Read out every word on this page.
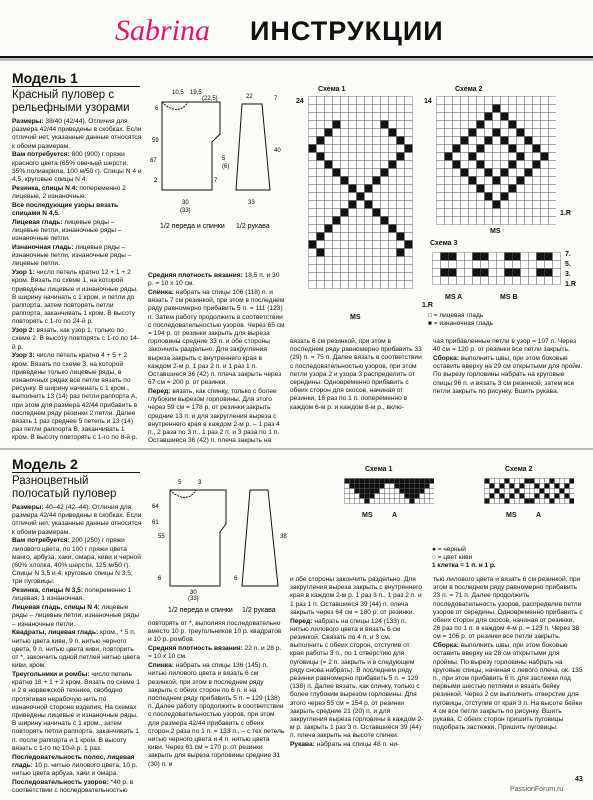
Sabrina ИНСТРУКЦИИ
Модель 1
Красный пуловер с рельефными узорами

Размеры: 38/40 (42/44). Отличия для размера 42/44 приведены в скобках. Если отличий нет, указанные данные относятся к обоим размерам.

Вам потребуется: 800 (900) г пряжи красного цвета (65% овечьей шерсти, 35% полиакрила, 100 м/50 г). Спицы N 4 и 4,5, круговые спицы N 4.

Резинка, спицы N 4: попеременно 2 лицевые, 2 изнаночные.

Все последующие узоры вязать спицами N 4,5.

Лицевая гладь: лицевые ряды – лицевые петли, изнаночные ряды – изнаночные петли.

Изнаночная гладь: лицевые ряды – изнаночные петли, изнаночные ряды – лицевые петли.

Узор 1: число петель кратно 12 + 1 + 2 кром. Вязать по схеме 1, на которой приведены лицевые и изнаночные ряды. В ширину начинать с 1 кром. и петли до раппорта, затем повторять петли раппорта, заканчивать 1 кром. В высоту повторять с 1-го по 24-й р.

Узор 2: вязать, как узор 1, только по схеме 2. В высоту повторять с 1-го по 14-й р.

Узор 3: число петель кратно 4 + 5 + 2 кром. Вязать по схеме 3, на которой приведены только лицевые ряды, в изнаночных рядах все петли вязать по рисунку. В ширину начинать с 1 кром., выполнить 13 (14) раз петли раппорта A, при этом для размера 42/44 прибавить в последнем ряду резинки 2 петли. Далее вязать 1 раз среднее 5 петель и 13 (14) раз петли раппорта B, заканчивать 1 кром. В высоту повторять с 1-го по 8-й р.

Средняя плотность вязания: 18,5 п. и 30 р. = 10 х 10 см.

Спинка: набрать на спицы 106 (118) п. и вязать 7 см резинкой, при этом в последнем ряду равномерно прибавить 5 п. = 111 (123) п. Затем работу продолжить в соответствии с последовательностью узоров. Через 65 см = 194 р. от резинки закрыть для выреза горловины средние 33 п. и обе стороны закончить раздельно. Для закругления выреза закрыть с внутреннего края в каждом 2-м р. 1 раз 2 п. и 1 раз 1 п. Оставшиеся 36 (42) п. плеча закрыть через 67 см = 200 р. от резинки.

Перед: вязать, как спинку, только с более глубоким вырезом горловины. Для этого через 59 см = 178 р. от резинки закрыть средние 13 п. и для закругления выреза с внутреннего края в каждом 2-м р. – 1 раз 4 п., 2 раза по 3 п., 1 раз 2 п. и 3 раза по 1 п. Оставшиеся 36 (42) п. плеча закрыть на

вязать 6 см резинкой, при этом в последнем ряду равномерно прибавить 33 (29) п. = 75 п. Далее вязать в соответствии с последовательностью узоров, при этом петли узора 2 и узора 3 распределить от середины. Одновременно прибавить с обеих сторон для скосов, начиная от резинки, 16 раз по 1 п. попеременно в каждом 6-м р. и каждом 8-м р., вклю-

чая прибавленные петли в узор = 107 п. Через 40 см = 120 р. от резинки все петли закрыть.

Сборка: выполнить швы, при этом боковые оставить вверху на 29 см открытыми для пройм. По вырезу горловины набрать на круговые спицы 96 п. и вязать 3 см резинкой, затем все петли закрыть по рисунку. Вшить рукава.

10,5 19,5
(22,5)
59
67
30
(33)
6
2	7
33
22
40
5
(6)
7
1/2 переда и спинки 1/2 рукава
Схема 1
24
MS
1.R
Схема 2
14
MS
1.R
Схема 3
7.
5.
3.
1.R
MS A	MS B
□ = лицевая гладь
■ = изнаночная гладь
Модель 2
Разноцветный полосатый пуловер

Размеры: 40–42 (42–44). Отличия для размера 42/44 приведены в скобках. Если отличий нет, указанные данные относятся к обоим размерам.

Вам потребуется: 200 (250) г пряжи лилового цвета, по 100 г пряжи цвета манго, арбуза, хаки, омара, киви и черной (60% хлопка, 40% шерсти, 125 м/50 г). Спицы N 3,5 и 4, круговые спицы N 3,5; три пуговицы.

Резинка, спицы N 3,5: попеременно 1 лицевая, 1 изнаночная.

Лицевая гладь, спицы N 4: лицевые ряды – лицевые петли, изнаночные ряды – изнаночные петли.

Квадраты, лицевая гладь: кром., * 5 п. нитью цвета киви, 9 п. нитью черного цвета, 9 п. нитью цвета киви, повторить от *, закончить одной петлей нитью цвета киви, кром.

Треугольники и ромбы: число петель кратно 18 + 1 + 2 кром. Вязать по схеме 1 и 2 в норвежской технике, свободно протягивая нерабочую нить по изнаночной стороне изделия. На схемах приведены лицевые и изнаночные ряды. В ширину начинать с 1 кром., затем повторять петли раппорта, заканчивать 1 п. после раппорта и 1 кром. В высоту вязать с 1-го по 10-й р. 1 раз.

Последовательность полос, лицевая гладь: 10 р. нитью лилового цвета, 10 р. нитью цвета арбуза, хаки и омара.

Последовательность узоров: *40 р. в соответствии с последовательностью

повторять от *, выполняя последовательно вместо 10 р. треугольников 10 р. квадратов и 10 р. ромбов.

Средняя плотность вязания: 22 п. и 28 р. = 10 х 10 см.

Спинка: набрать на спицы 136 (145) п. нитью лилового цвета и вязать 6 см резинкой, при этом в последнем ряду закрыть с обеих сторон по 6 п. и на последнем ряду прибавить 5 п. = 129 (138) п. Далее работу продолжить в соответствии с последовательностью узоров, при этом для размера 42/44 прибавить с обеих сторон 2 раза по 1 п. = 133 п., – с тех петель нитью черного цвета и 4 п. нитью цвета киви. Через 61 см = 170 р. от резинки закрыть для выреза горловины средние 31 (30) п. и

и обе стороны закончить раздельно. Для закругления выреза закрыть с внутреннего края в каждом 2-м р. 1 раз 3 п., 1 раз 2 п. и 1 раз 1 п. Оставшиеся 39 (44) п. плеча закрыть через 64 см = 180 р. от резинки.

Перед: набрать на спицы 124 (133) п. нитью лилового цвета и вязать 6 см резинкой. Связать по 4 п. и 3 см, выполнить с обеих сторон, отступив от края работы 3 п., по 1 отверстию для пуговицы (= 2 п. закрыть и в следующем ряду снова набрать). В последнем ряду резинки равномерно прибавить 5 п. = 129 (138) п. Далее вязать, как спинку, только с более глубоким вырезом горловины. Для этого через 55 см = 154 р. от резинки закрыть средние 21 (20) п. и для закругления выреза горловины в каждом 2-м р. закрыть 1 раз 3 п. Оставшиеся 39 (44) п. плеча закрыть на высоте спинки.

Рукава: набрать на спицы 48 п. ни-

тью лилового цвета и вязать 6 см резинкой, при этом в последнем ряду равномерно прибавить 23 п. = 71 п. Далее продолжить последовательность узоров, распределив петли узоров от середины. Одновременно прибавить с обеих сторон для скосов, начиная от резинки, 26 раз по 1 п. в каждом 4-м р. = 123 п. Через 38 см = 106 р. от резинки все петли закрыть.

Сборка: выполнить швы, при этом боковые оставить вверху на 28 см открытыми для проймы. По вырезу горловины набрать на круговые спицы, начиная с левого плеча, ок. 135 п., при этом прибавить 6 п. для застежки под первыми шестью петлями и вязать бейку резинкой. Через 2 см выполнить отверстие для пуговицы, отступив от края 3 п. На высоте бейки 4 см все петли закрыть по рисунку. Вшить рукава. С обеих сторон пришить пуговицы подобрать застежки. Пришить пуговицы.

5	3
55
61
64
38
6	6
(33)
30
1/2 переда и спинки 1/2 рукава
Схема 1
MS	A
Схема 2
MS	A
● = черный
○ = цвет киви
1 клетка = 1 п. и 1 р.
PassionForum.ru
43
